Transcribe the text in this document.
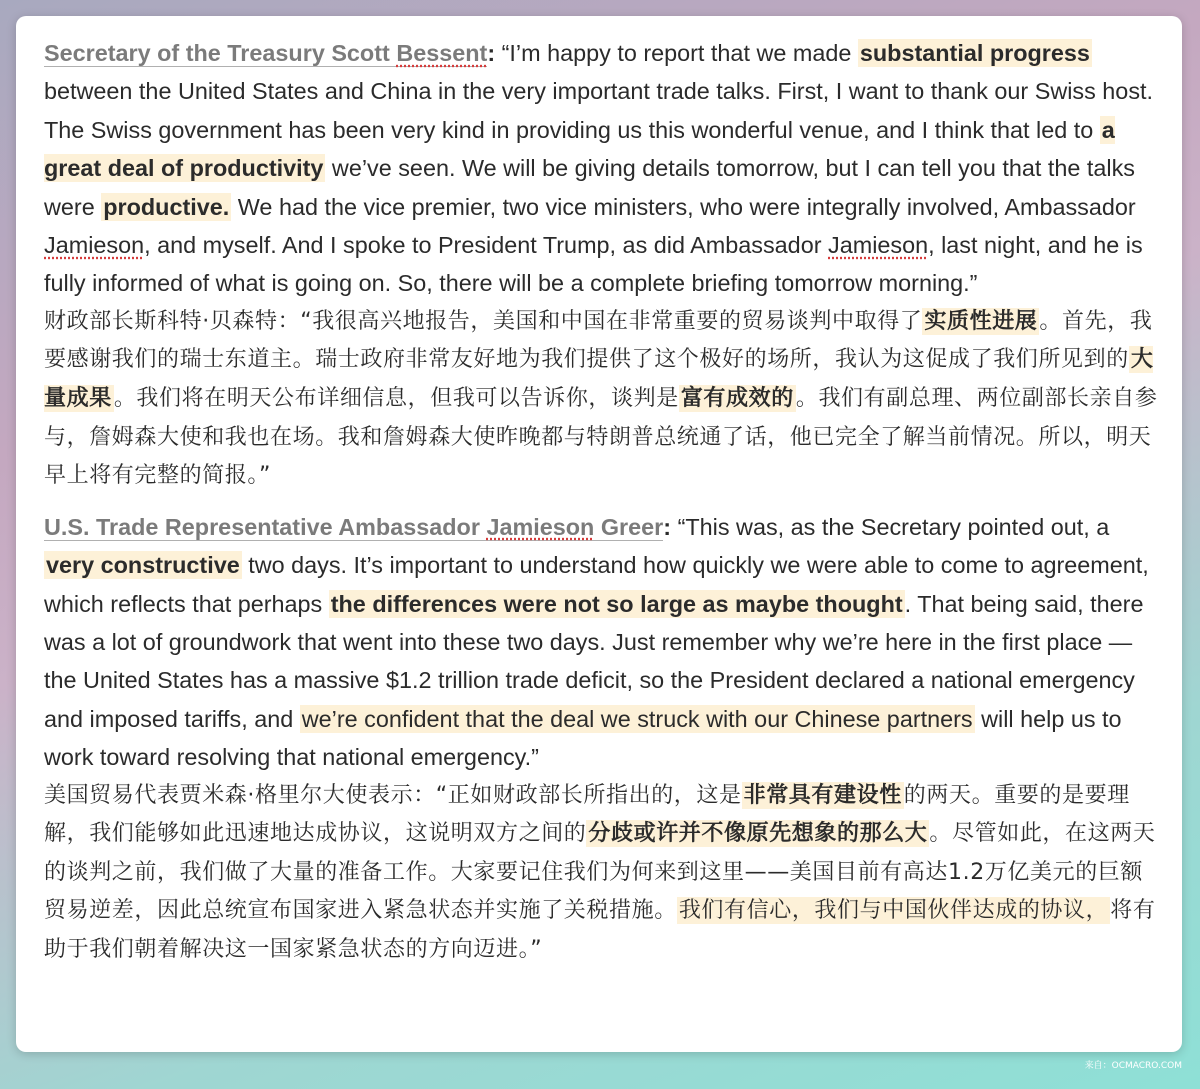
Secretary of the Treasury Scott Bessent: “I’m happy to report that we made substantial progress between the United States and China in the very important trade talks. First, I want to thank our Swiss host. The Swiss government has been very kind in providing us this wonderful venue, and I think that led to a great deal of productivity we’ve seen. We will be giving details tomorrow, but I can tell you that the talks were productive. We had the vice premier, two vice ministers, who were integrally involved, Ambassador Jamieson, and myself. And I spoke to President Trump, as did Ambassador Jamieson, last night, and he is fully informed of what is going on. So, there will be a complete briefing tomorrow morning.”

财政部长斯科特·贝森特：“我很高兴地报告，美国和中国在非常重要的贸易谈判中取得了实质性进展。首先，我要感谢我们的瑞士东道主。瑞士政府非常友好地为我们提供了这个极好的场所，我认为这促成了我们所见到的大量成果。我们将在明天公布详细信息，但我可以告诉你，谈判是富有成效的。我们有副总理、两位副部长亲自参与，詹姆森大使和我也在场。我和詹姆森大使昨晚都与特朗普总统通了话，他已完全了解当前情况。所以，明天早上将有完整的简报。”

U.S. Trade Representative Ambassador Jamieson Greer: “This was, as the Secretary pointed out, a very constructive two days. It’s important to understand how quickly we were able to come to agreement, which reflects that perhaps the differences were not so large as maybe thought. That being said, there was a lot of groundwork that went into these two days. Just remember why we’re here in the first place — the United States has a massive $1.2 trillion trade deficit, so the President declared a national emergency and imposed tariffs, and we’re confident that the deal we struck with our Chinese partners will help us to work toward resolving that national emergency.”

美国贸易代表贾米森·格里尔大使表示：“正如财政部长所指出的，这是非常具有建设性的两天。重要的是要理解，我们能够如此迅速地达成协议，这说明双方之间的分歧或许并不像原先想象的那么大。尽管如此，在这两天的谈判之前，我们做了大量的准备工作。大家要记住我们为何来到这里——美国目前有高达1.2万亿美元的巨额贸易逆差，因此总统宣布国家进入紧急状态并实施了关税措施。我们有信心，我们与中国伙伴达成的协议，将有助于我们朝着解决这一国家紧急状态的方向迈进。”

来自：OCMACRO.COM
